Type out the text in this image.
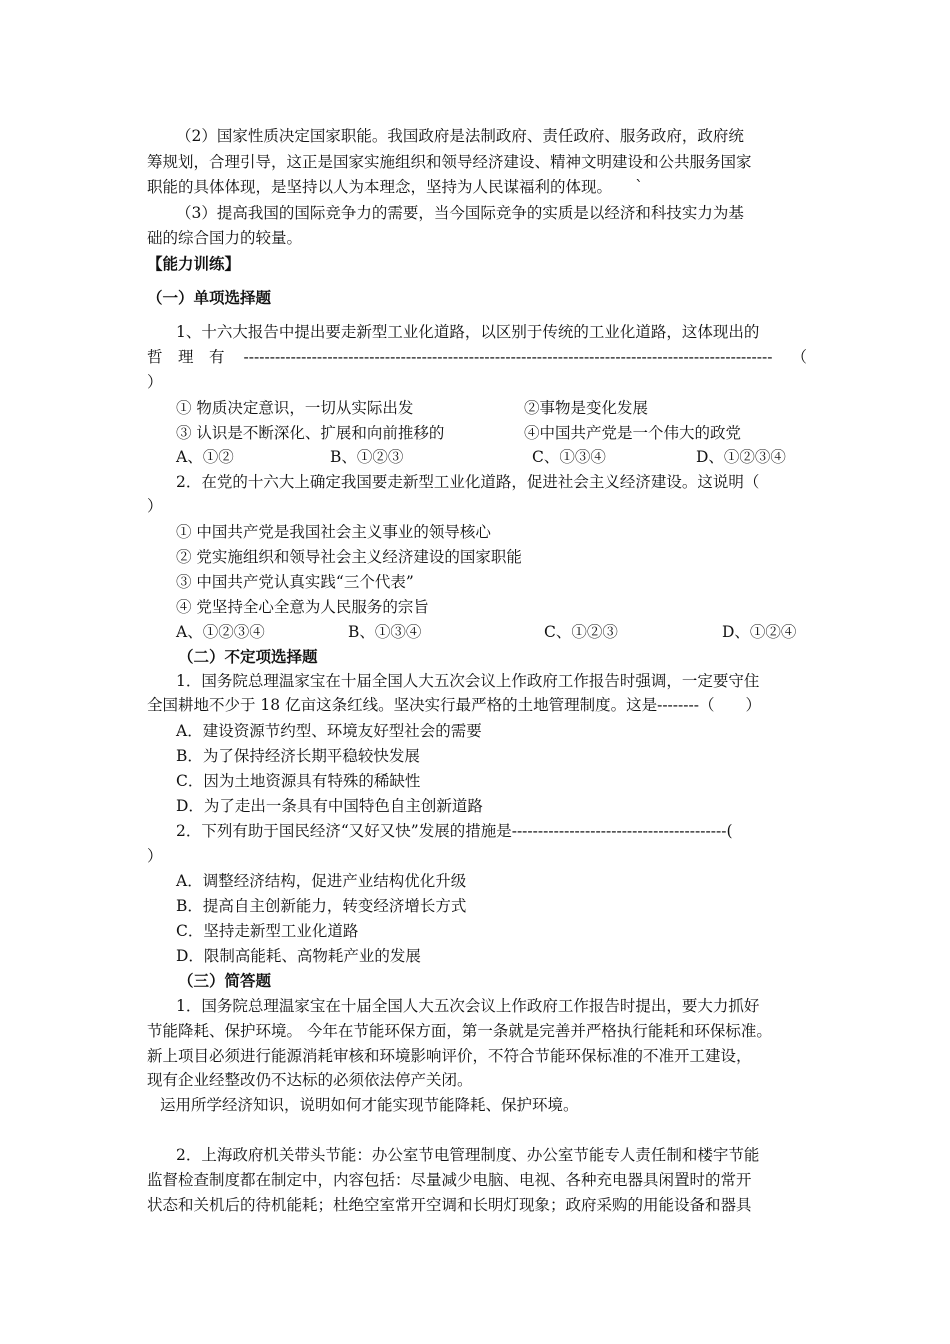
（2）国家性质决定国家职能。我国政府是法制政府、责任政府、服务政府，政府统
筹规划，合理引导，这正是国家实施组织和领导经济建设、精神文明建设和公共服务国家
职能的具体体现，是坚持以人为本理念，坚持为人民谋福利的体现。　　`
（3）提高我国的国际竞争力的需要，当今国际竞争的实质是以经济和科技实力为基
础的综合国力的较量。
【能力训练】
（一）单项选择题
1、十六大报告中提出要走新型工业化道路，以区别于传统的工业化道路，这体现出的
哲　理　有	-----------------------------------------------------------------------------------------------------	（
）
① 物质决定意识，一切从实际出发	②事物是变化发展
③ 认识是不断深化、扩展和向前推移的	④中国共产党是一个伟大的政党
A、①②	B、①②③	C、①③④	D、①②③④
2．在党的十六大上确定我国要走新型工业化道路，促进社会主义经济建设。这说明（
）
① 中国共产党是我国社会主义事业的领导核心
② 党实施组织和领导社会主义经济建设的国家职能
③ 中国共产党认真实践“三个代表”
④ 党坚持全心全意为人民服务的宗旨
A、①②③④	B、①③④	C、①②③	D、①②④
（二）不定项选择题
1．国务院总理温家宝在十届全国人大五次会议上作政府工作报告时强调，一定要守住
全国耕地不少于 18 亿亩这条红线。坚决实行最严格的土地管理制度。这是--------（　　）
A．建设资源节约型、环境友好型社会的需要
B．为了保持经济长期平稳较快发展
C．因为土地资源具有特殊的稀缺性
D．为了走出一条具有中国特色自主创新道路
2．下列有助于国民经济“又好又快”发展的措施是-----------------------------------------(
）
A．调整经济结构，促进产业结构优化升级
B．提高自主创新能力，转变经济增长方式
C．坚持走新型工业化道路
D．限制高能耗、高物耗产业的发展
（三）简答题
1．国务院总理温家宝在十届全国人大五次会议上作政府工作报告时提出，要大力抓好
节能降耗、保护环境。 今年在节能环保方面，第一条就是完善并严格执行能耗和环保标准。
新上项目必须进行能源消耗审核和环境影响评价，不符合节能环保标准的不准开工建设，
现有企业经整改仍不达标的必须依法停产关闭。
运用所学经济知识，说明如何才能实现节能降耗、保护环境。
2．上海政府机关带头节能：办公室节电管理制度、办公室节能专人责任制和楼宇节能
监督检查制度都在制定中，内容包括：尽量减少电脑、电视、各种充电器具闲置时的常开
状态和关机后的待机能耗；杜绝空室常开空调和长明灯现象；政府采购的用能设备和器具
